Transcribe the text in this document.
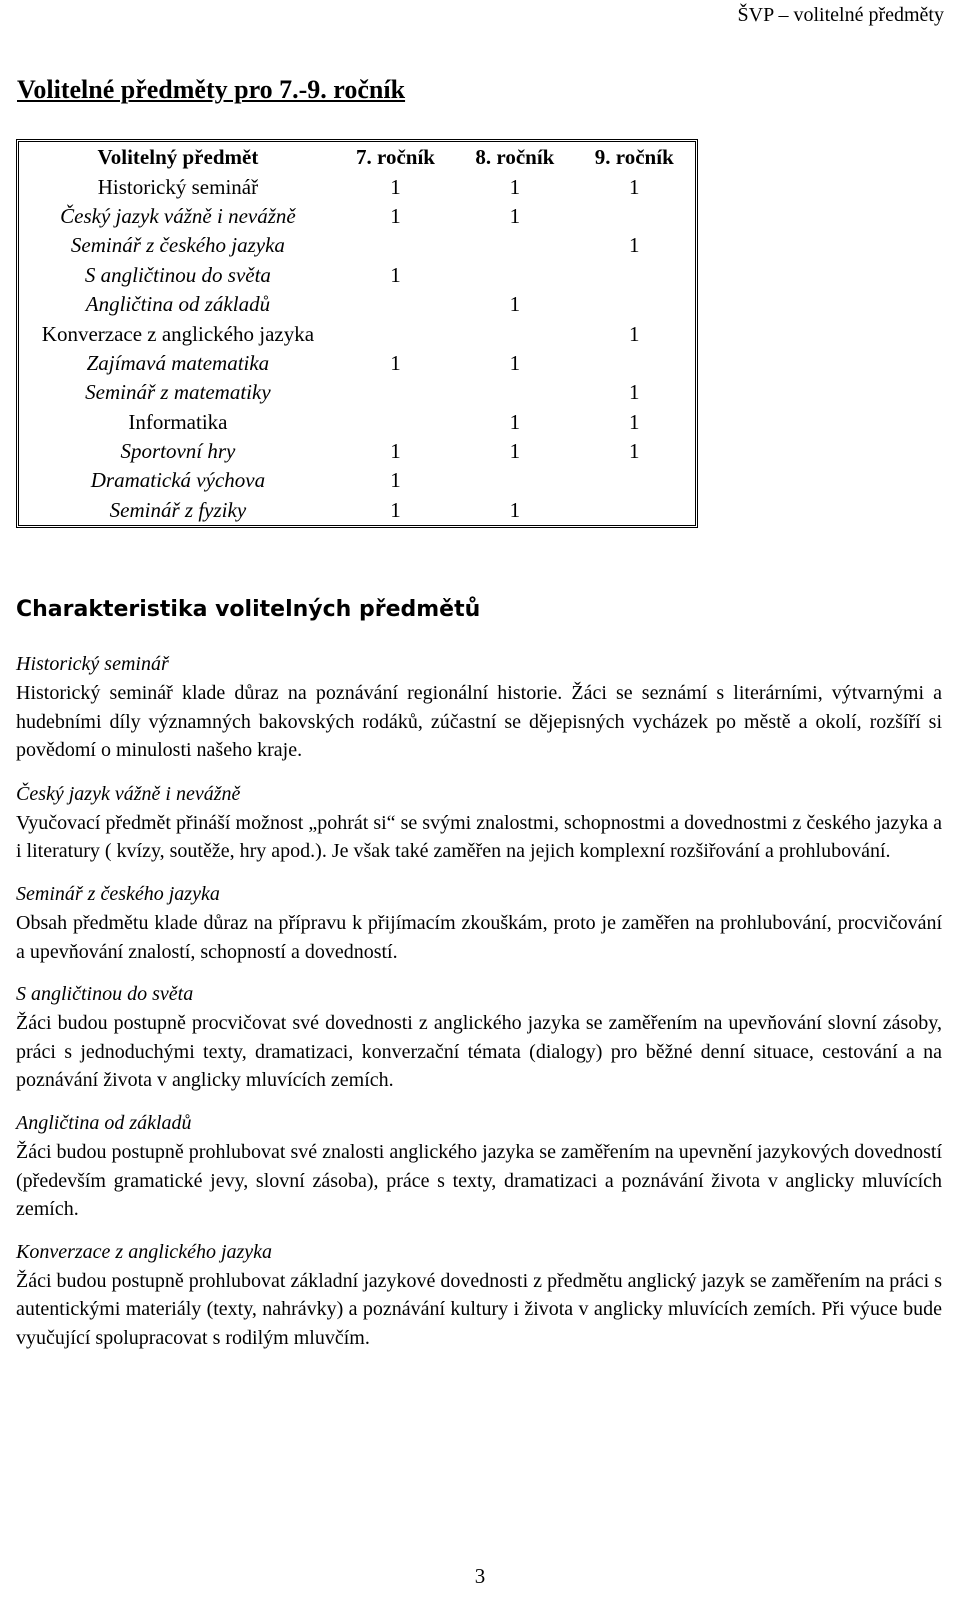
ŠVP – volitelné předměty
Volitelné předměty pro 7.-9. ročník
Volitelný předmět	7. ročník	8. ročník	9. ročník
Historický seminář	1	1	1
Český jazyk vážně i nevážně	1	1	
Seminář z českého jazyka			1
S angličtinou do světa	1		
Angličtina od základů		1	
Konverzace z anglického jazyka			1
Zajímavá matematika	1	1	
Seminář z matematiky			1
Informatika		1	1
Sportovní hry	1	1	1
Dramatická výchova	1		
Seminář z fyziky	1	1	
Charakteristika volitelných předmětů

Historický seminář

Historický seminář klade důraz na poznávání regionální historie. Žáci se seznámí s literárními, výtvarnými a hudebními díly významných bakovských rodáků, zúčastní se dějepisných vycházek po městě a okolí, rozšíří si povědomí o minulosti našeho kraje.

Český jazyk vážně i nevážně

Vyučovací předmět přináší možnost „pohrát si“ se svými znalostmi, schopnostmi a dovednostmi z českého jazyka a i literatury ( kvízy, soutěže, hry apod.). Je však také zaměřen na jejich komplexní rozšiřování a prohlubování.

Seminář z českého jazyka

Obsah předmětu klade důraz na přípravu k přijímacím zkouškám, proto je zaměřen na prohlubování, procvičování a upevňování znalostí, schopností a dovedností.

S angličtinou do světa

Žáci budou postupně procvičovat své dovednosti z anglického jazyka se zaměřením na upevňování slovní zásoby, práci s jednoduchými texty, dramatizaci, konverzační témata (dialogy) pro běžné denní situace, cestování a na poznávání života v anglicky mluvících zemích.

Angličtina od základů

Žáci budou postupně prohlubovat své znalosti anglického jazyka se zaměřením na upevnění jazykových dovedností (především gramatické jevy, slovní zásoba), práce s texty, dramatizaci a poznávání života v anglicky mluvících zemích.

Konverzace z anglického jazyka

Žáci budou postupně prohlubovat základní jazykové dovednosti z předmětu anglický jazyk se zaměřením na práci s autentickými materiály (texty, nahrávky) a poznávání kultury i života v anglicky mluvících zemích. Při výuce bude vyučující spolupracovat s rodilým mluvčím.

3
